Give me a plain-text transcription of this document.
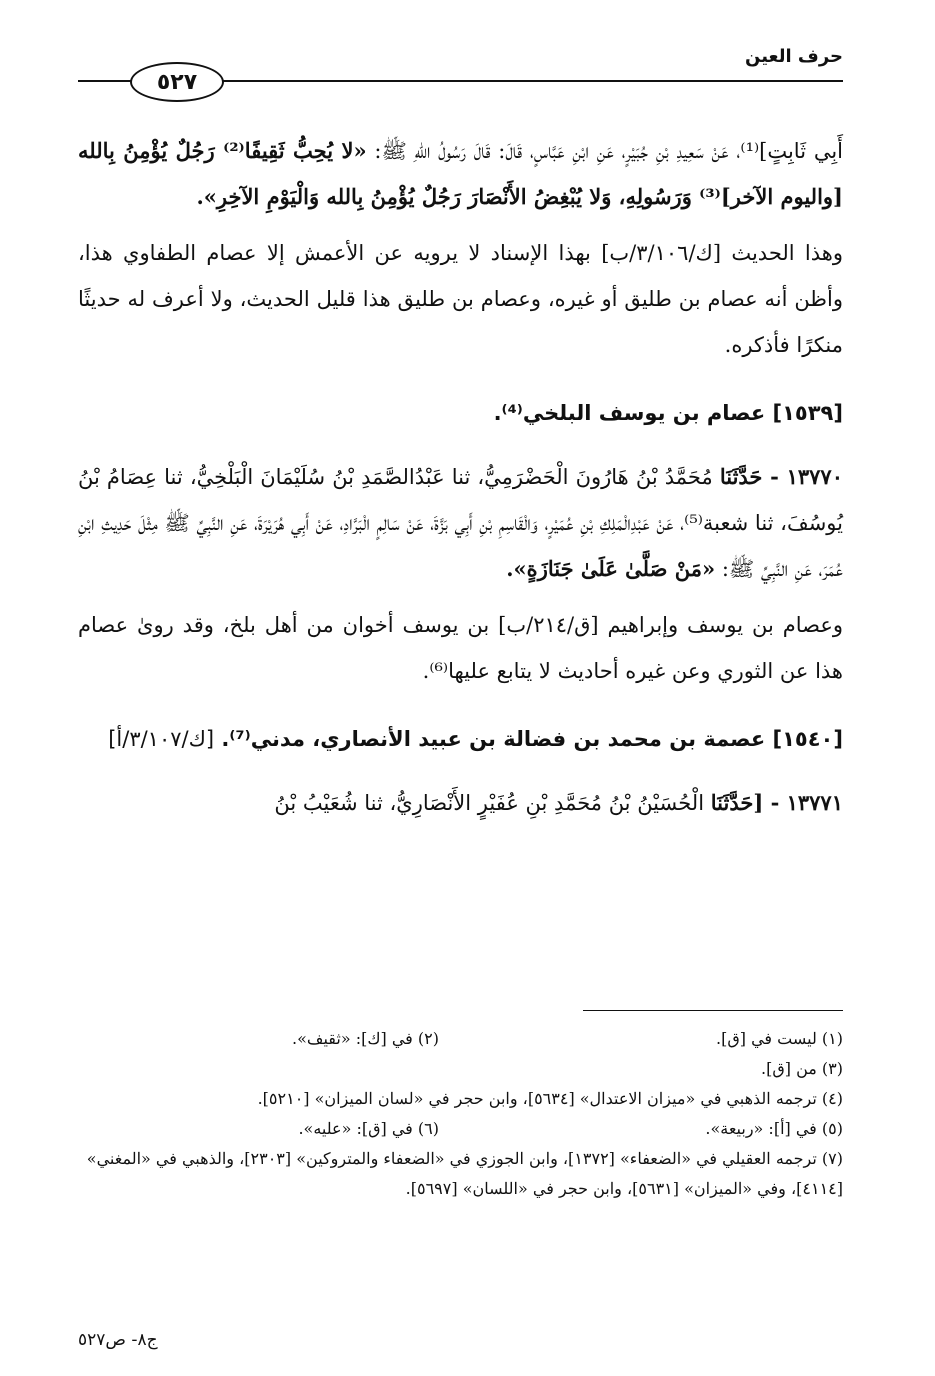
حرف العين
٥٢٧

أَبِي ثَابِتٍ]⁽¹⁾، عَنْ سَعِيدِ بْنِ جُبَيْرٍ، عَنِ ابْنِ عَبَّاسٍ، قَالَ: قَالَ رَسُولُ اللهِ ﷺ: «لا يُحِبُّ ثَقِيفًا⁽²⁾ رَجُلٌ يُؤْمِنُ بِالله [واليوم الآخر]⁽³⁾ وَرَسُولِهِ، وَلا يُبْغِضُ الأَنْصَارَ رَجُلٌ يُؤْمِنُ بِالله وَالْيَوْمِ الآخِرِ».

وهذا الحديث [ك/٣/١٠٦/ب] بهذا الإسناد لا يرويه عن الأعمش إلا عصام الطفاوي هذا، وأظن أنه عصام بن طليق أو غيره، وعصام بن طليق هذا قليل الحديث، ولا أعرف له حديثًا منكرًا فأذكره.

[١٥٣٩] عصام بن يوسف البلخي⁽⁴⁾.

١٣٧٧٠ - حَدَّثَنَا مُحَمَّدُ بْنُ هَارُونَ الْحَضْرَمِيُّ، ثنا عَبْدُالصَّمَدِ بْنُ سُلَيْمَانَ الْبَلْخِيُّ، ثنا عِصَامُ بْنُ يُوسُفَ، ثنا شعبة⁽⁵⁾، عَنْ عَبْدِالْمَلِكِ بْنِ عُمَيْرٍ، وَالْقَاسِمِ بْنِ أَبِي بَزَّةَ، عَنْ سَالِمٍ الْبَرَّادِ، عَنْ أَبِي هُرَيْرَةَ، عَنِ النَّبِيِّ ﷺ مِثْلَ حَدِيثِ ابْنِ عُمَرَ، عَنِ النَّبِيِّ ﷺ: «مَنْ صَلَّىٰ عَلَىٰ جَنَازَةٍ».

وعصام بن يوسف وإبراهيم [ق/٢١٤/ب] بن يوسف أخوان من أهل بلخ، وقد رویٰ عصام هذا عن الثوري وعن غيره أحاديث لا يتابع عليها⁽⁶⁾.

[١٥٤٠] عصمة بن محمد بن فضالة بن عبيد الأنصاري، مدني⁽⁷⁾. [ك/٣/١٠٧/أ]

١٣٧٧١ - [حَدَّثَنَا الْحُسَيْنُ بْنُ مُحَمَّدِ بْنِ عُفَيْرٍ الأَنْصَارِيُّ، ثنا شُعَيْبُ بْنُ

(١) ليست في [ق].
(٢) في [ك]: «ثقيف».
(٣) من [ق].
(٤) ترجمه الذهبي في «ميزان الاعتدال» [٥٦٣٤]، وابن حجر في «لسان الميزان» [٥٢١٠].
(٥) في [أ]: «ربيعة».
(٦) في [ق]: «عليه».
(٧) ترجمه العقيلي في «الضعفاء» [١٣٧٢]، وابن الجوزي في «الضعفاء والمتروكين» [٢٣٠٣]، والذهبي في «المغني» [٤١١٤]، وفي «الميزان» [٥٦٣١]، وابن حجر في «اللسان» [٥٦٩٧].
ج٨- ص٥٢٧
